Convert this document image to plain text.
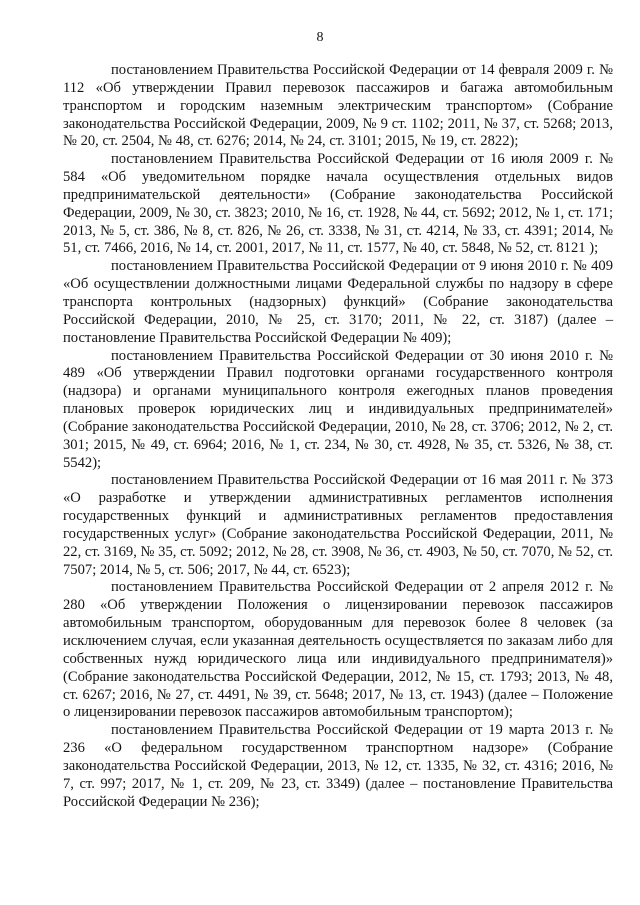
8

постановлением Правительства Российской Федерации от 14 февраля 2009 г. № 112 «Об утверждении Правил перевозок пассажиров и багажа автомобильным транспортом и городским наземным электрическим транспортом» (Собрание законодательства Российской Федерации, 2009, № 9 ст. 1102; 2011, № 37, ст. 5268; 2013, № 20, ст. 2504, № 48, ст. 6276; 2014, № 24, ст. 3101; 2015, № 19, ст. 2822);

постановлением Правительства Российской Федерации от 16 июля 2009 г. № 584 «Об уведомительном порядке начала осуществления отдельных видов предпринимательской деятельности» (Собрание законодательства Российской Федерации, 2009, № 30, ст. 3823; 2010, № 16, ст. 1928, № 44, ст. 5692; 2012, № 1, ст. 171; 2013, № 5, ст. 386, № 8, ст. 826, № 26, ст. 3338, № 31, ст. 4214, № 33, ст. 4391; 2014, № 51, ст. 7466, 2016, № 14, ст. 2001, 2017, № 11, ст. 1577, № 40, ст. 5848, № 52, ст. 8121 );

постановлением Правительства Российской Федерации от 9 июня 2010 г. № 409 «Об осуществлении должностными лицами Федеральной службы по надзору в сфере транспорта контрольных (надзорных) функций» (Собрание законодательства Российской Федерации, 2010, № 25, ст. 3170; 2011, № 22, ст. 3187) (далее – постановление Правительства Российской Федерации № 409);

постановлением Правительства Российской Федерации от 30 июня 2010 г. № 489 «Об утверждении Правил подготовки органами государственного контроля (надзора) и органами муниципального контроля ежегодных планов проведения плановых проверок юридических лиц и индивидуальных предпринимателей» (Собрание законодательства Российской Федерации, 2010, № 28, ст. 3706; 2012, № 2, ст. 301; 2015, № 49, ст. 6964; 2016, № 1, ст. 234, № 30, ст. 4928, № 35, ст. 5326, № 38, ст. 5542);

постановлением Правительства Российской Федерации от 16 мая 2011 г. № 373 «О разработке и утверждении административных регламентов исполнения государственных функций и административных регламентов предоставления государственных услуг» (Собрание законодательства Российской Федерации, 2011, № 22, ст. 3169, № 35, ст. 5092; 2012, № 28, ст. 3908, № 36, ст. 4903, № 50, ст. 7070, № 52, ст. 7507; 2014, № 5, ст. 506; 2017, № 44, ст. 6523);

постановлением Правительства Российской Федерации от 2 апреля 2012 г. № 280 «Об утверждении Положения о лицензировании перевозок пассажиров автомобильным транспортом, оборудованным для перевозок более 8 человек (за исключением случая, если указанная деятельность осуществляется по заказам либо для собственных нужд юридического лица или индивидуального предпринимателя)» (Собрание законодательства Российской Федерации, 2012, № 15, ст. 1793; 2013, № 48, ст. 6267; 2016, № 27, ст. 4491, № 39, ст. 5648; 2017, № 13, ст. 1943) (далее – Положение о лицензировании перевозок пассажиров автомобильным транспортом);

постановлением Правительства Российской Федерации от 19 марта 2013 г. № 236 «О федеральном государственном транспортном надзоре» (Собрание законодательства Российской Федерации, 2013, № 12, ст. 1335, № 32, ст. 4316; 2016, № 7, ст. 997; 2017, № 1, ст. 209, № 23, ст. 3349) (далее – постановление Правительства Российской Федерации № 236);
